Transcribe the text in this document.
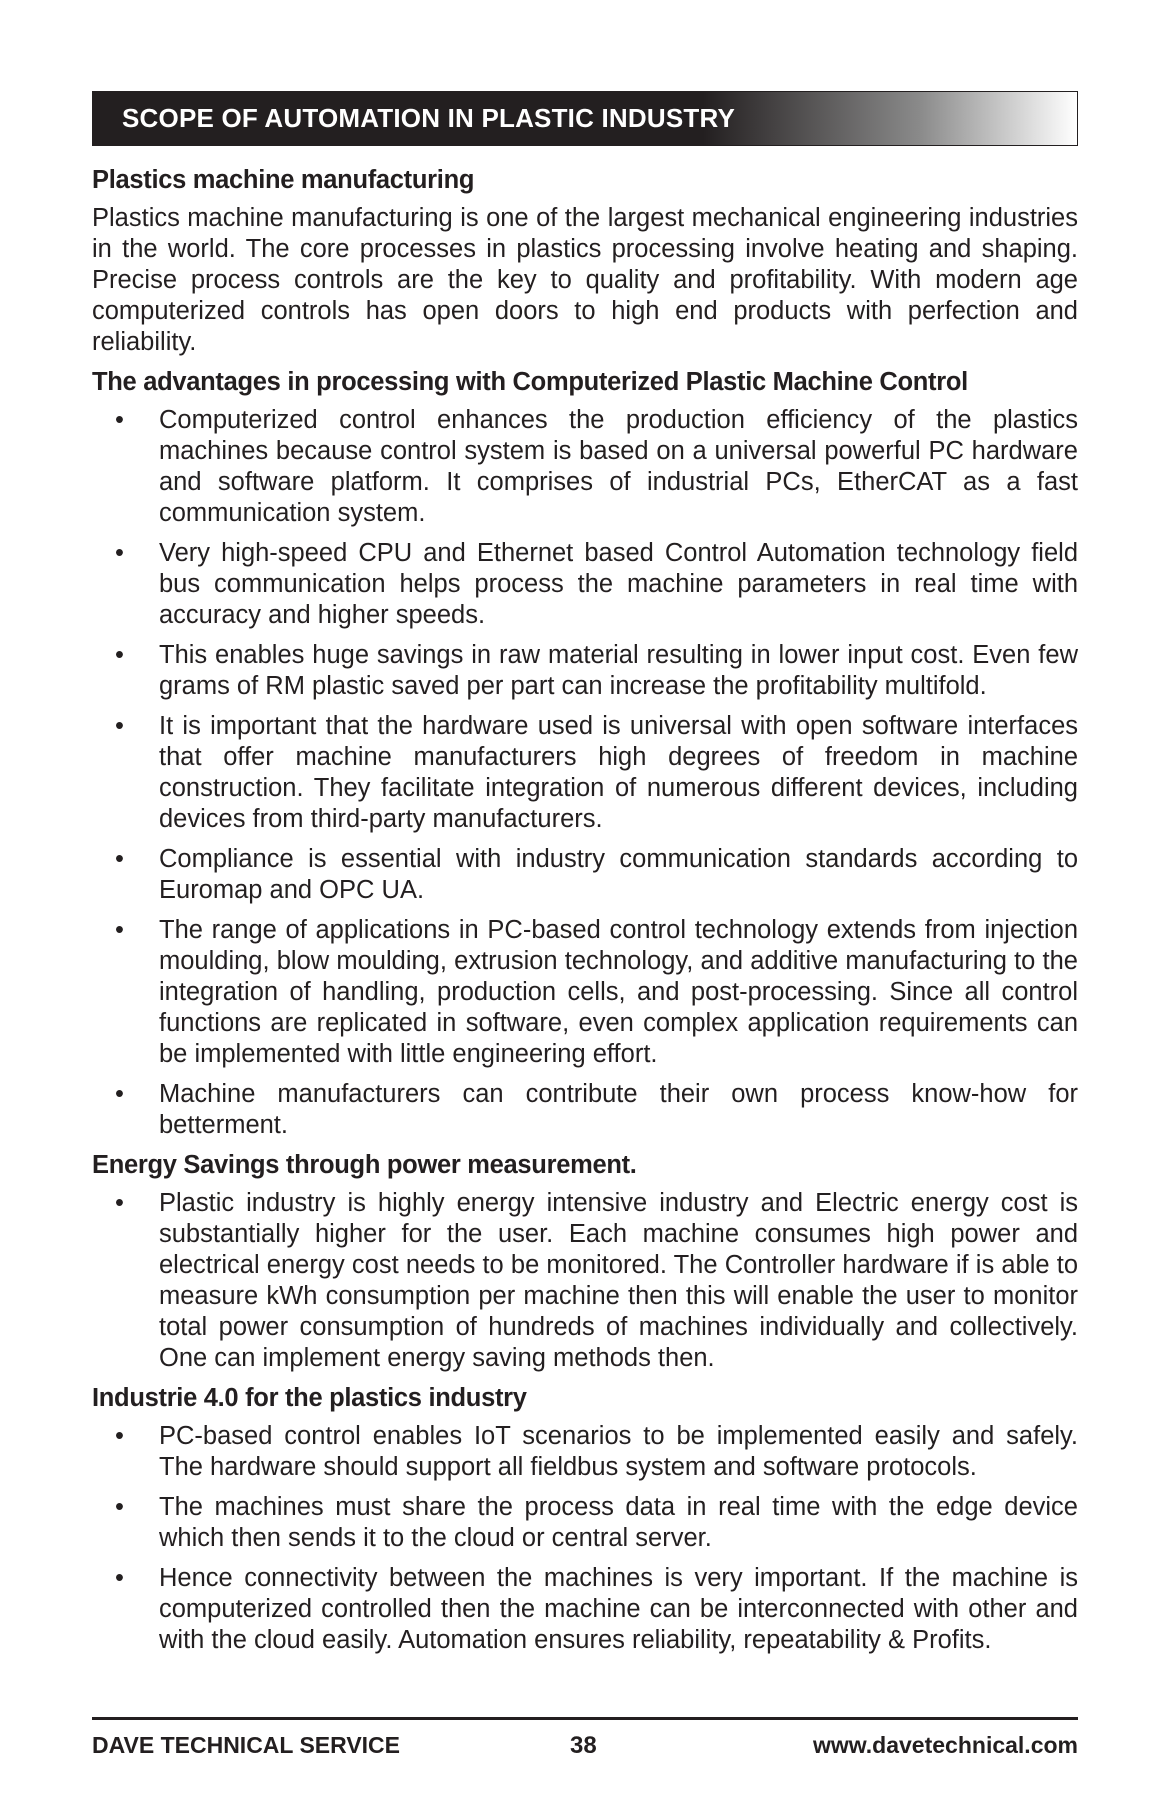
SCOPE OF AUTOMATION IN PLASTIC INDUSTRY
Plastics machine manufacturing
Plastics machine manufacturing is one of the largest mechanical engineering industries in the world. The core processes in plastics processing involve heating and shaping. Precise process controls are the key to quality and profitability. With modern age computerized controls has open doors to high end products with perfection and reliability.
The advantages in processing with Computerized Plastic Machine Control
• Computerized control enhances the production efficiency of the plastics machines because control system is based on a universal powerful PC hardware and software platform. It comprises of industrial PCs, EtherCAT as a fast communication system.
• Very high-speed CPU and Ethernet based Control Automation technology field bus communication helps process the machine parameters in real time with accuracy and higher speeds.
• This enables huge savings in raw material resulting in lower input cost. Even few grams of RM plastic saved per part can increase the profitability multifold.
• It is important that the hardware used is universal with open software interfaces that offer machine manufacturers high degrees of freedom in machine construction. They facilitate integration of numerous different devices, including devices from third-party manufacturers.
• Compliance is essential with industry communication standards according to Euromap and OPC UA.
• The range of applications in PC-based control technology extends from injection moulding, blow moulding, extrusion technology, and additive manufacturing to the integration of handling, production cells, and post-processing. Since all control functions are replicated in software, even complex application requirements can be implemented with little engineering effort.
• Machine manufacturers can contribute their own process know-how for betterment.
Energy Savings through power measurement.
• Plastic industry is highly energy intensive industry and Electric energy cost is substantially higher for the user. Each machine consumes high power and electrical energy cost needs to be monitored. The Controller hardware if is able to measure kWh consumption per machine then this will enable the user to monitor total power consumption of hundreds of machines individually and collectively. One can implement energy saving methods then.
Industrie 4.0 for the plastics industry
• PC-based control enables IoT scenarios to be implemented easily and safely. The hardware should support all fieldbus system and software protocols.
• The machines must share the process data in real time with the edge device which then sends it to the cloud or central server.
• Hence connectivity between the machines is very important. If the machine is computerized controlled then the machine can be interconnected with other and with the cloud easily. Automation ensures reliability, repeatability & Profits.
DAVE TECHNICAL SERVICE	38	www.davetechnical.com
